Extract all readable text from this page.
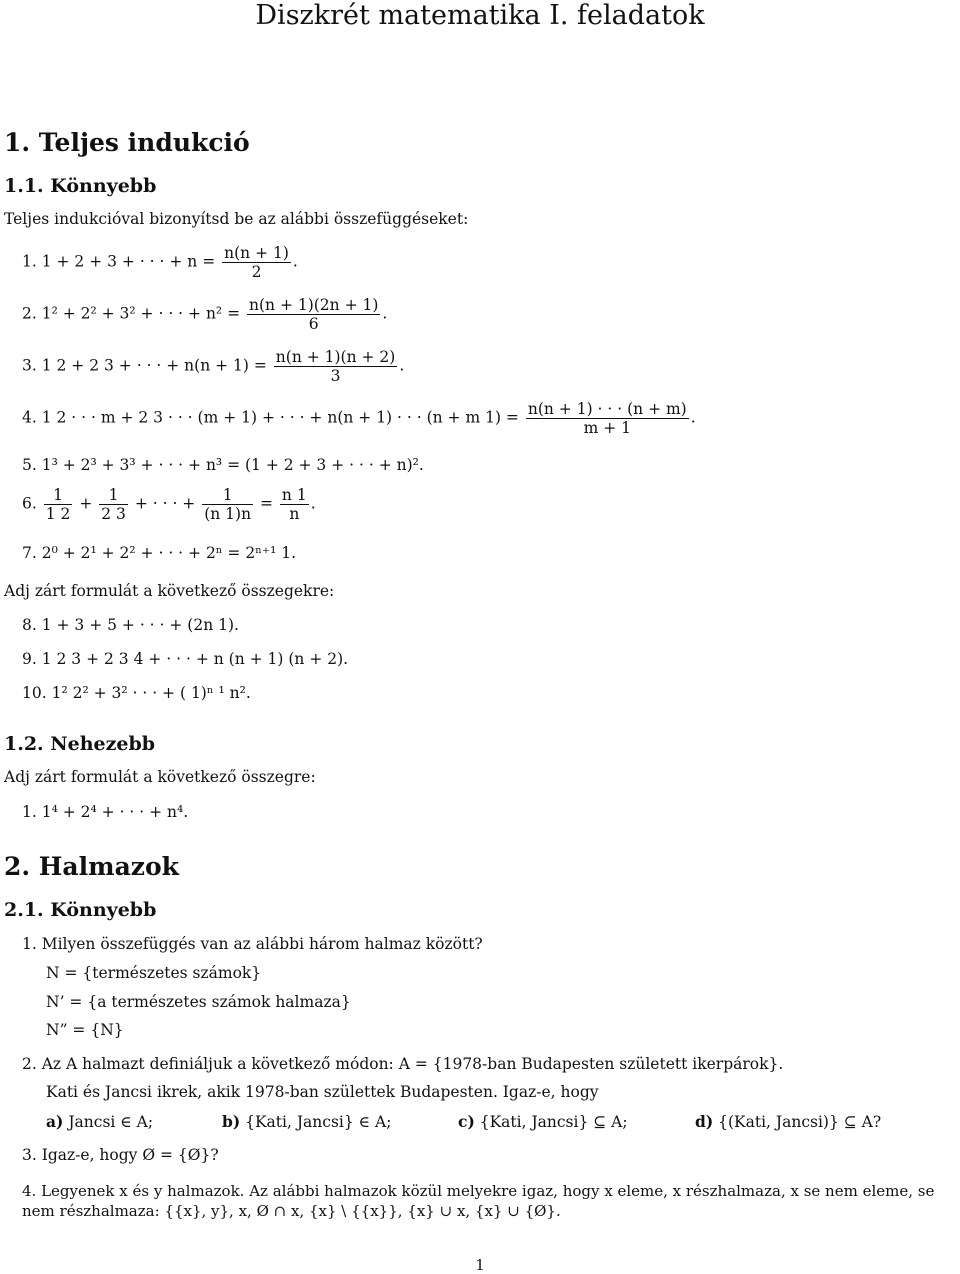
Diszkrét matematika I. feladatok
1. Teljes indukció
1.1. Könnyebb
Teljes indukcióval bizonyítsd be az alábbi összefüggéseket:
1. 1 + 2 + 3 + · · · + $n = \frac{n(n + 1)}{2}$ .
2. 1² + 2² + 3² + · · · + $n^2 = \frac{n(n + 1)(2n + 1)}{6}$ .
3. 1 2 + 2 3 + · · · + $n(n + 1) = \frac{n(n + 1)(n + 2)}{3}$ .
4. 1 2 · · · m + 2 3 · · · (m + 1) + · · · + n(n + 1) · · · (n + m $1) = \frac{n(n + 1) \cdot \cdot \cdot (n + m)}{m + 1}$ .
5. 1³ + 2³ + 3³ + · · · + n³ = (1 + 2 + 3 + · · · + n)².
6. $\frac{1}{1 2} + \frac{1}{2 3}$ + · · · + $\frac{1}{(n 1)n} = \frac{n 1}{n}$ .
7. 2⁰ + 2¹ + 2² + · · · + 2ⁿ = 2ⁿ⁺¹ 1.
Adj zárt formulát a következő összegekre:
8. 1 + 3 + 5 + · · · + (2n 1).
9. 1 2 3 + 2 3 4 + · · · + n (n + 1) (n + 2).
10. 1² 2² + 3² · · · + ( 1)ⁿ ¹ n².
1.2. Nehezebb
Adj zárt formulát a következő összegre:
1. 1⁴ + 2⁴ + · · · + n⁴.
2. Halmazok
2.1. Könnyebb
1. Milyen összefüggés van az alábbi három halmaz között?
N = {természetes számok}
N’ = {a természetes számok halmaza}
N” = {N}
2. Az A halmazt definiáljuk a következő módon: A = {1978-ban Budapesten született ikerpárok}.
Kati és Jancsi ikrek, akik 1978-ban születtek Budapesten. Igaz-e, hogy
a) Jancsi ∈ A;	b) {Kati, Jancsi} ∈ A;	c) {Kati, Jancsi} ⊆ A;	d) {(Kati, Jancsi)} ⊆ A?
3. Igaz-e, hogy Ø = {Ø}?
4. Legyenek x és y halmazok. Az alábbi halmazok közül melyekre igaz, hogy x eleme, x részhalmaza, x se nem eleme, se
nem részhalmaza: {{x}, y}, x, Ø ∩ x, {x} \ {{x}}, {x} ∪ x, {x} ∪ {Ø}.
1
